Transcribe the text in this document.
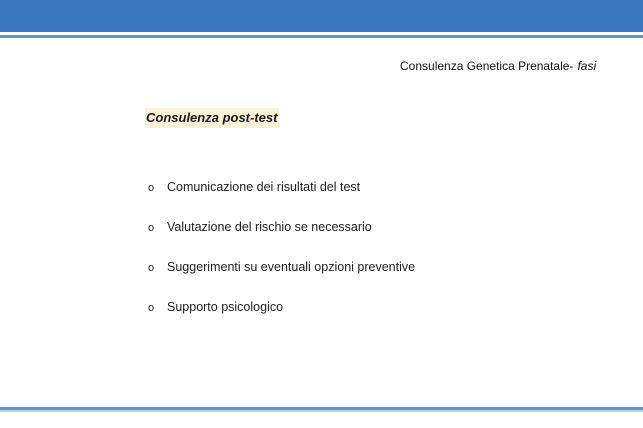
Consulenza Genetica Prenatale- fasi
Consulenza post-test
o Comunicazione dei risultati del test
o Valutazione del rischio se necessario
o Suggerimenti su eventuali opzioni preventive
o Supporto psicologico
